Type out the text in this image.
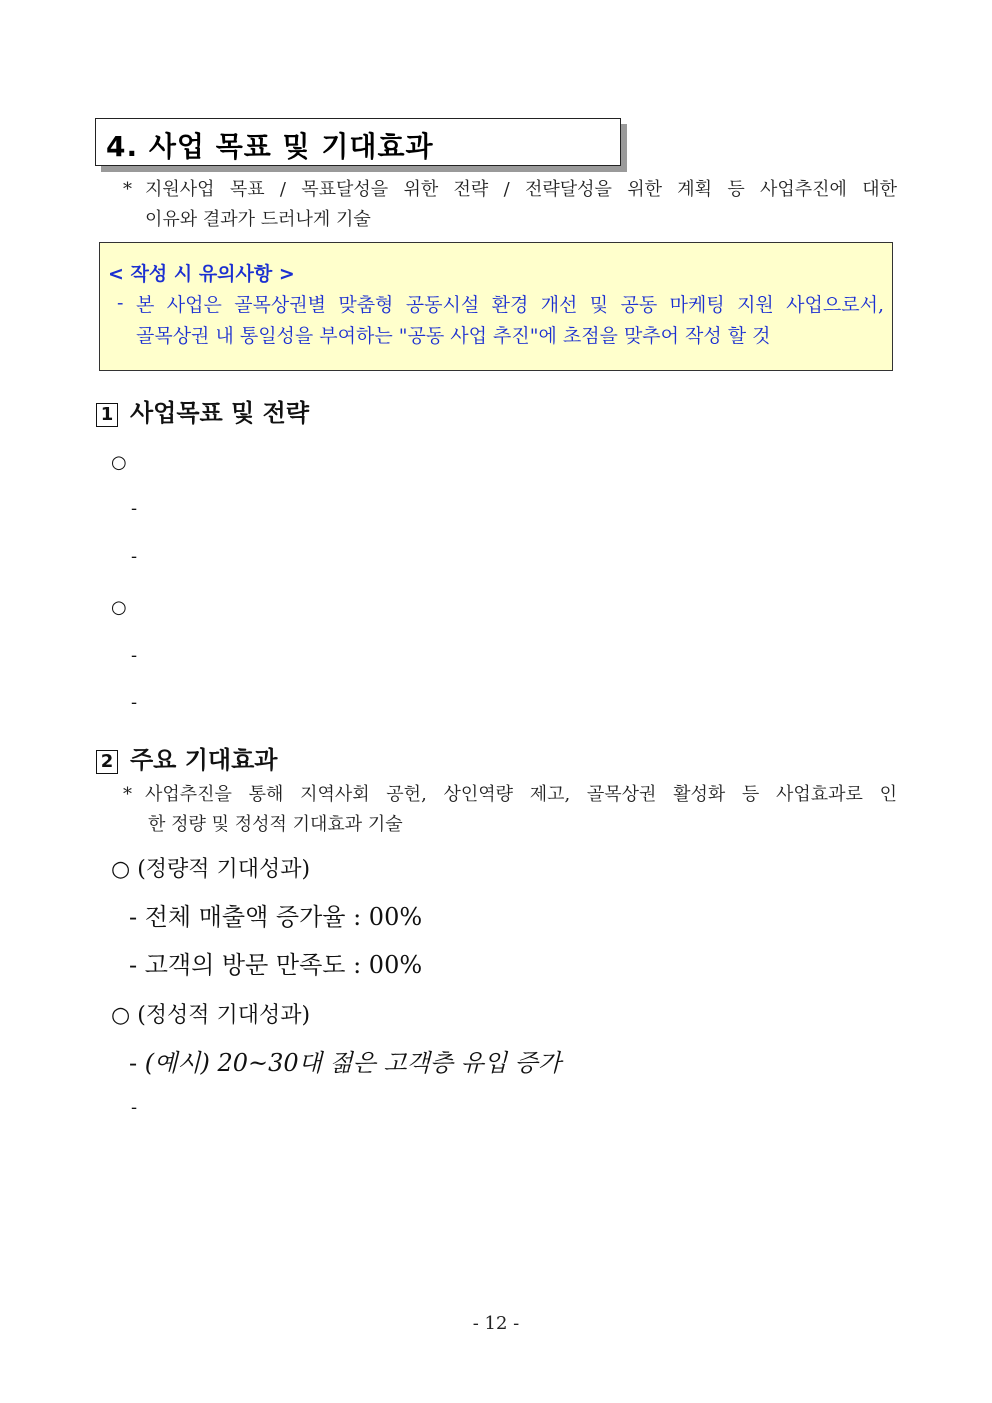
4. 사업 목표 및 기대효과
* 지원사업 목표 / 목표달성을 위한 전략 / 전략달성을 위한 계획 등 사업추진에 대한
이유와 결과가 드러나게 기술
< 작성 시 유의사항 >
- 본 사업은 골목상권별 맞춤형 공동시설 환경 개선 및 공동 마케팅 지원 사업으로서,
골목상권 내 통일성을 부여하는 "공동 사업 추진"에 초점을 맞추어 작성 할 것
1 사업목표 및 전략
○
-
-
○
-
-
2 주요 기대효과
* 사업추진을 통해 지역사회 공헌, 상인역량 제고, 골목상권 활성화 등 사업효과로 인
한 정량 및 정성적 기대효과 기술
○ (정량적 기대성과)
- 전체 매출액 증가율 : 00%
- 고객의 방문 만족도 : 00%
○ (정성적 기대성과)
- (예시) 20~30대 젊은 고객층 유입 증가
-
- 12 -
